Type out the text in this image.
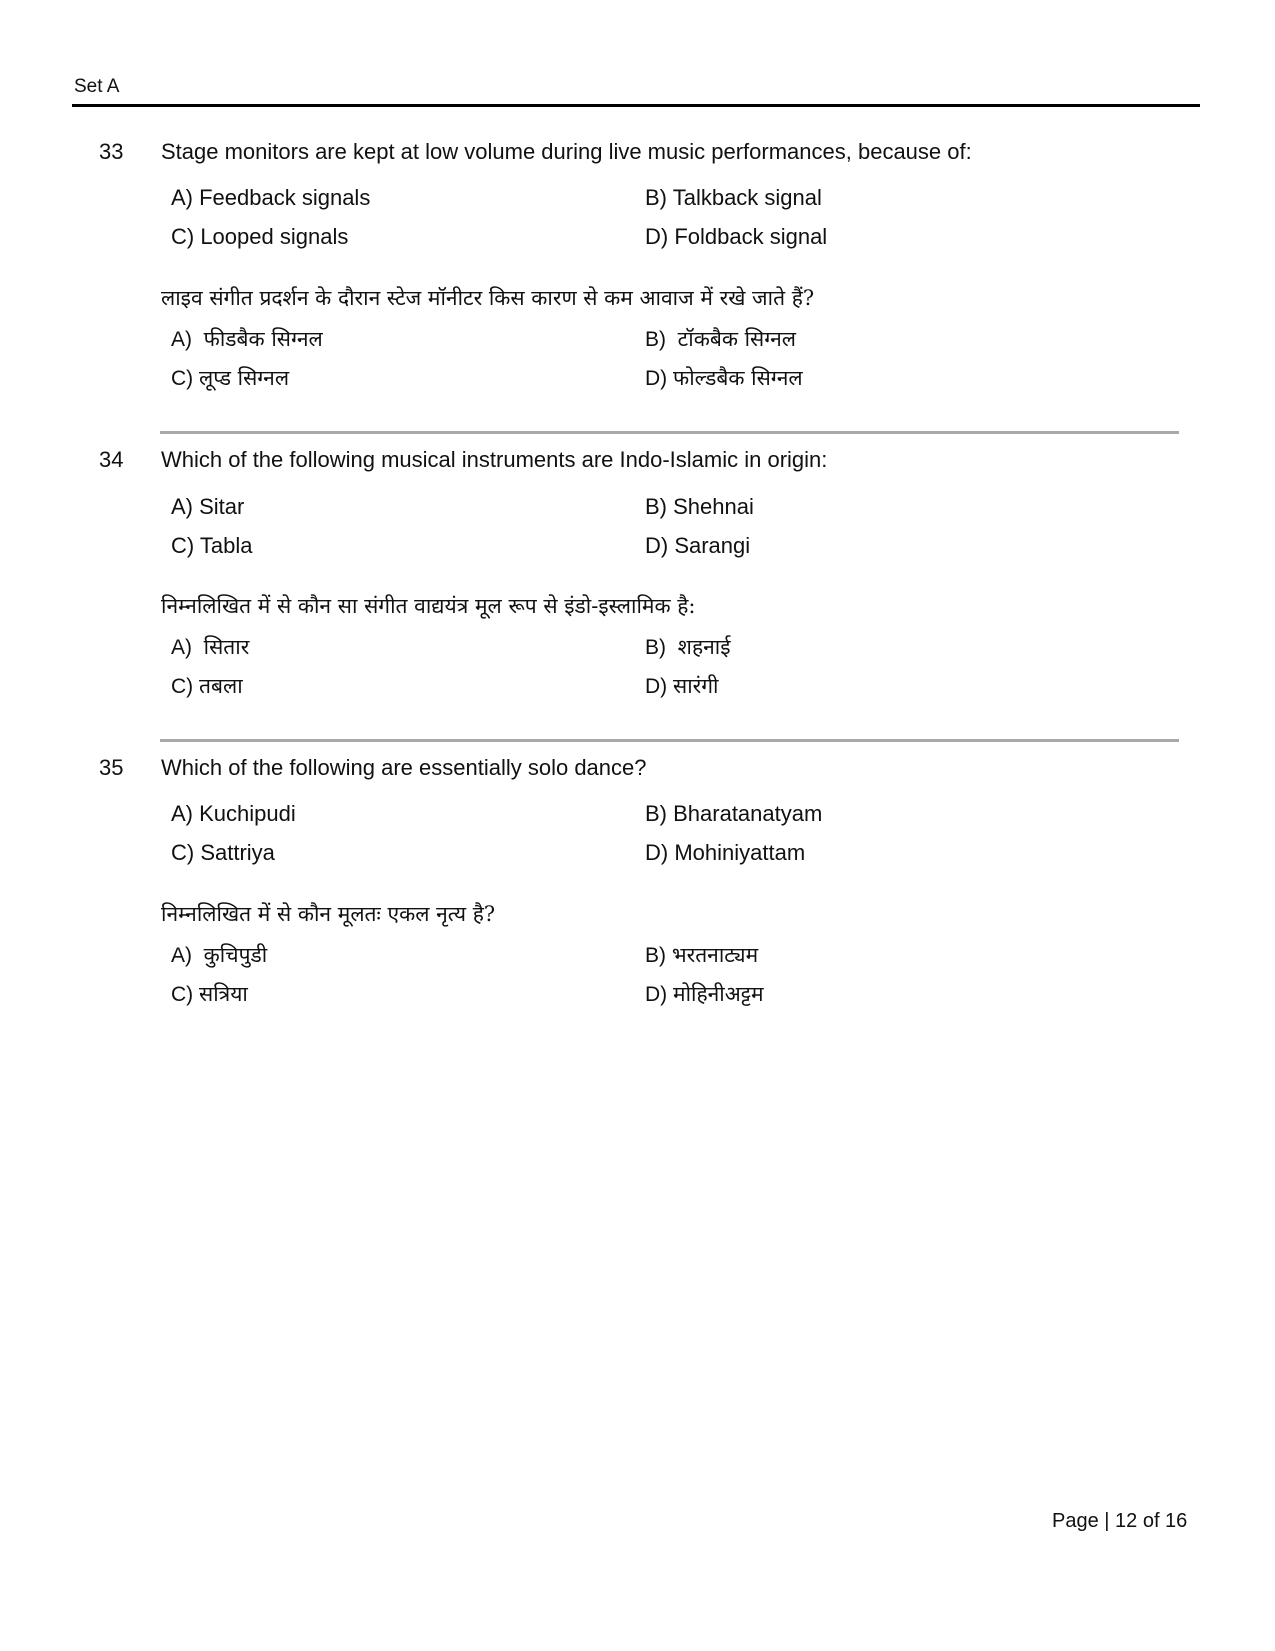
Set A
33 Stage monitors are kept at low volume during live music performances, because of:
A) Feedback signals	B) Talkback signal
C) Looped signals	D) Foldback signal
लाइव संगीत प्रदर्शन के दौरान स्टेज मॉनीटर किस कारण से कम आवाज में रखे जाते हैं?
A) फीडबैक सिग्नल	B) टॉकबैक सिग्नल
C) लूप्ड सिग्नल	D) फोल्डबैक सिग्नल
34 Which of the following musical instruments are Indo-Islamic in origin:
A) Sitar	B) Shehnai
C) Tabla	D) Sarangi
निम्नलिखित में से कौन सा संगीत वाद्ययंत्र मूल रूप से इंडो-इस्लामिक है:
A) सितार	B) शहनाई
C) तबला	D) सारंगी
35 Which of the following are essentially solo dance?
A) Kuchipudi	B) Bharatanatyam
C) Sattriya	D) Mohiniyattam
निम्नलिखित में से कौन मूलतः एकल नृत्य है?
A) कुचिपुडी	B) भरतनाट्यम
C) सत्रिया	D) मोहिनीअट्टम
Page | 12 of 16
